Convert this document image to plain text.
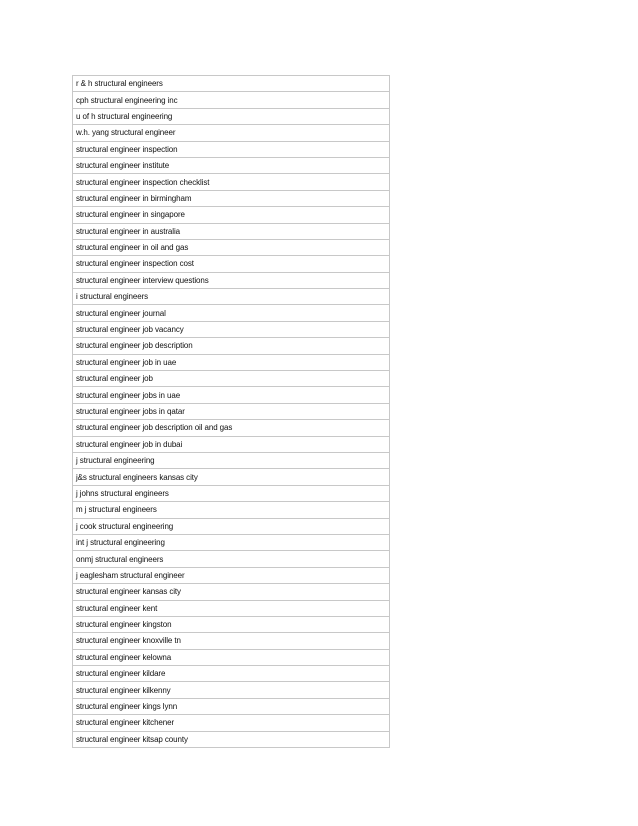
r & h structural engineers
cph structural engineering inc
u of h structural engineering
w.h. yang structural engineer
structural engineer inspection
structural engineer institute
structural engineer inspection checklist
structural engineer in birmingham
structural engineer in singapore
structural engineer in australia
structural engineer in oil and gas
structural engineer inspection cost
structural engineer interview questions
i structural engineers
structural engineer journal
structural engineer job vacancy
structural engineer job description
structural engineer job in uae
structural engineer job
structural engineer jobs in uae
structural engineer jobs in qatar
structural engineer job description oil and gas
structural engineer job in dubai
j structural engineering
j&s structural engineers kansas city
j johns structural engineers
m j structural engineers
j cook structural engineering
int j structural engineering
onmj structural engineers
j eaglesham structural engineer
structural engineer kansas city
structural engineer kent
structural engineer kingston
structural engineer knoxville tn
structural engineer kelowna
structural engineer kildare
structural engineer kilkenny
structural engineer kings lynn
structural engineer kitchener
structural engineer kitsap county
